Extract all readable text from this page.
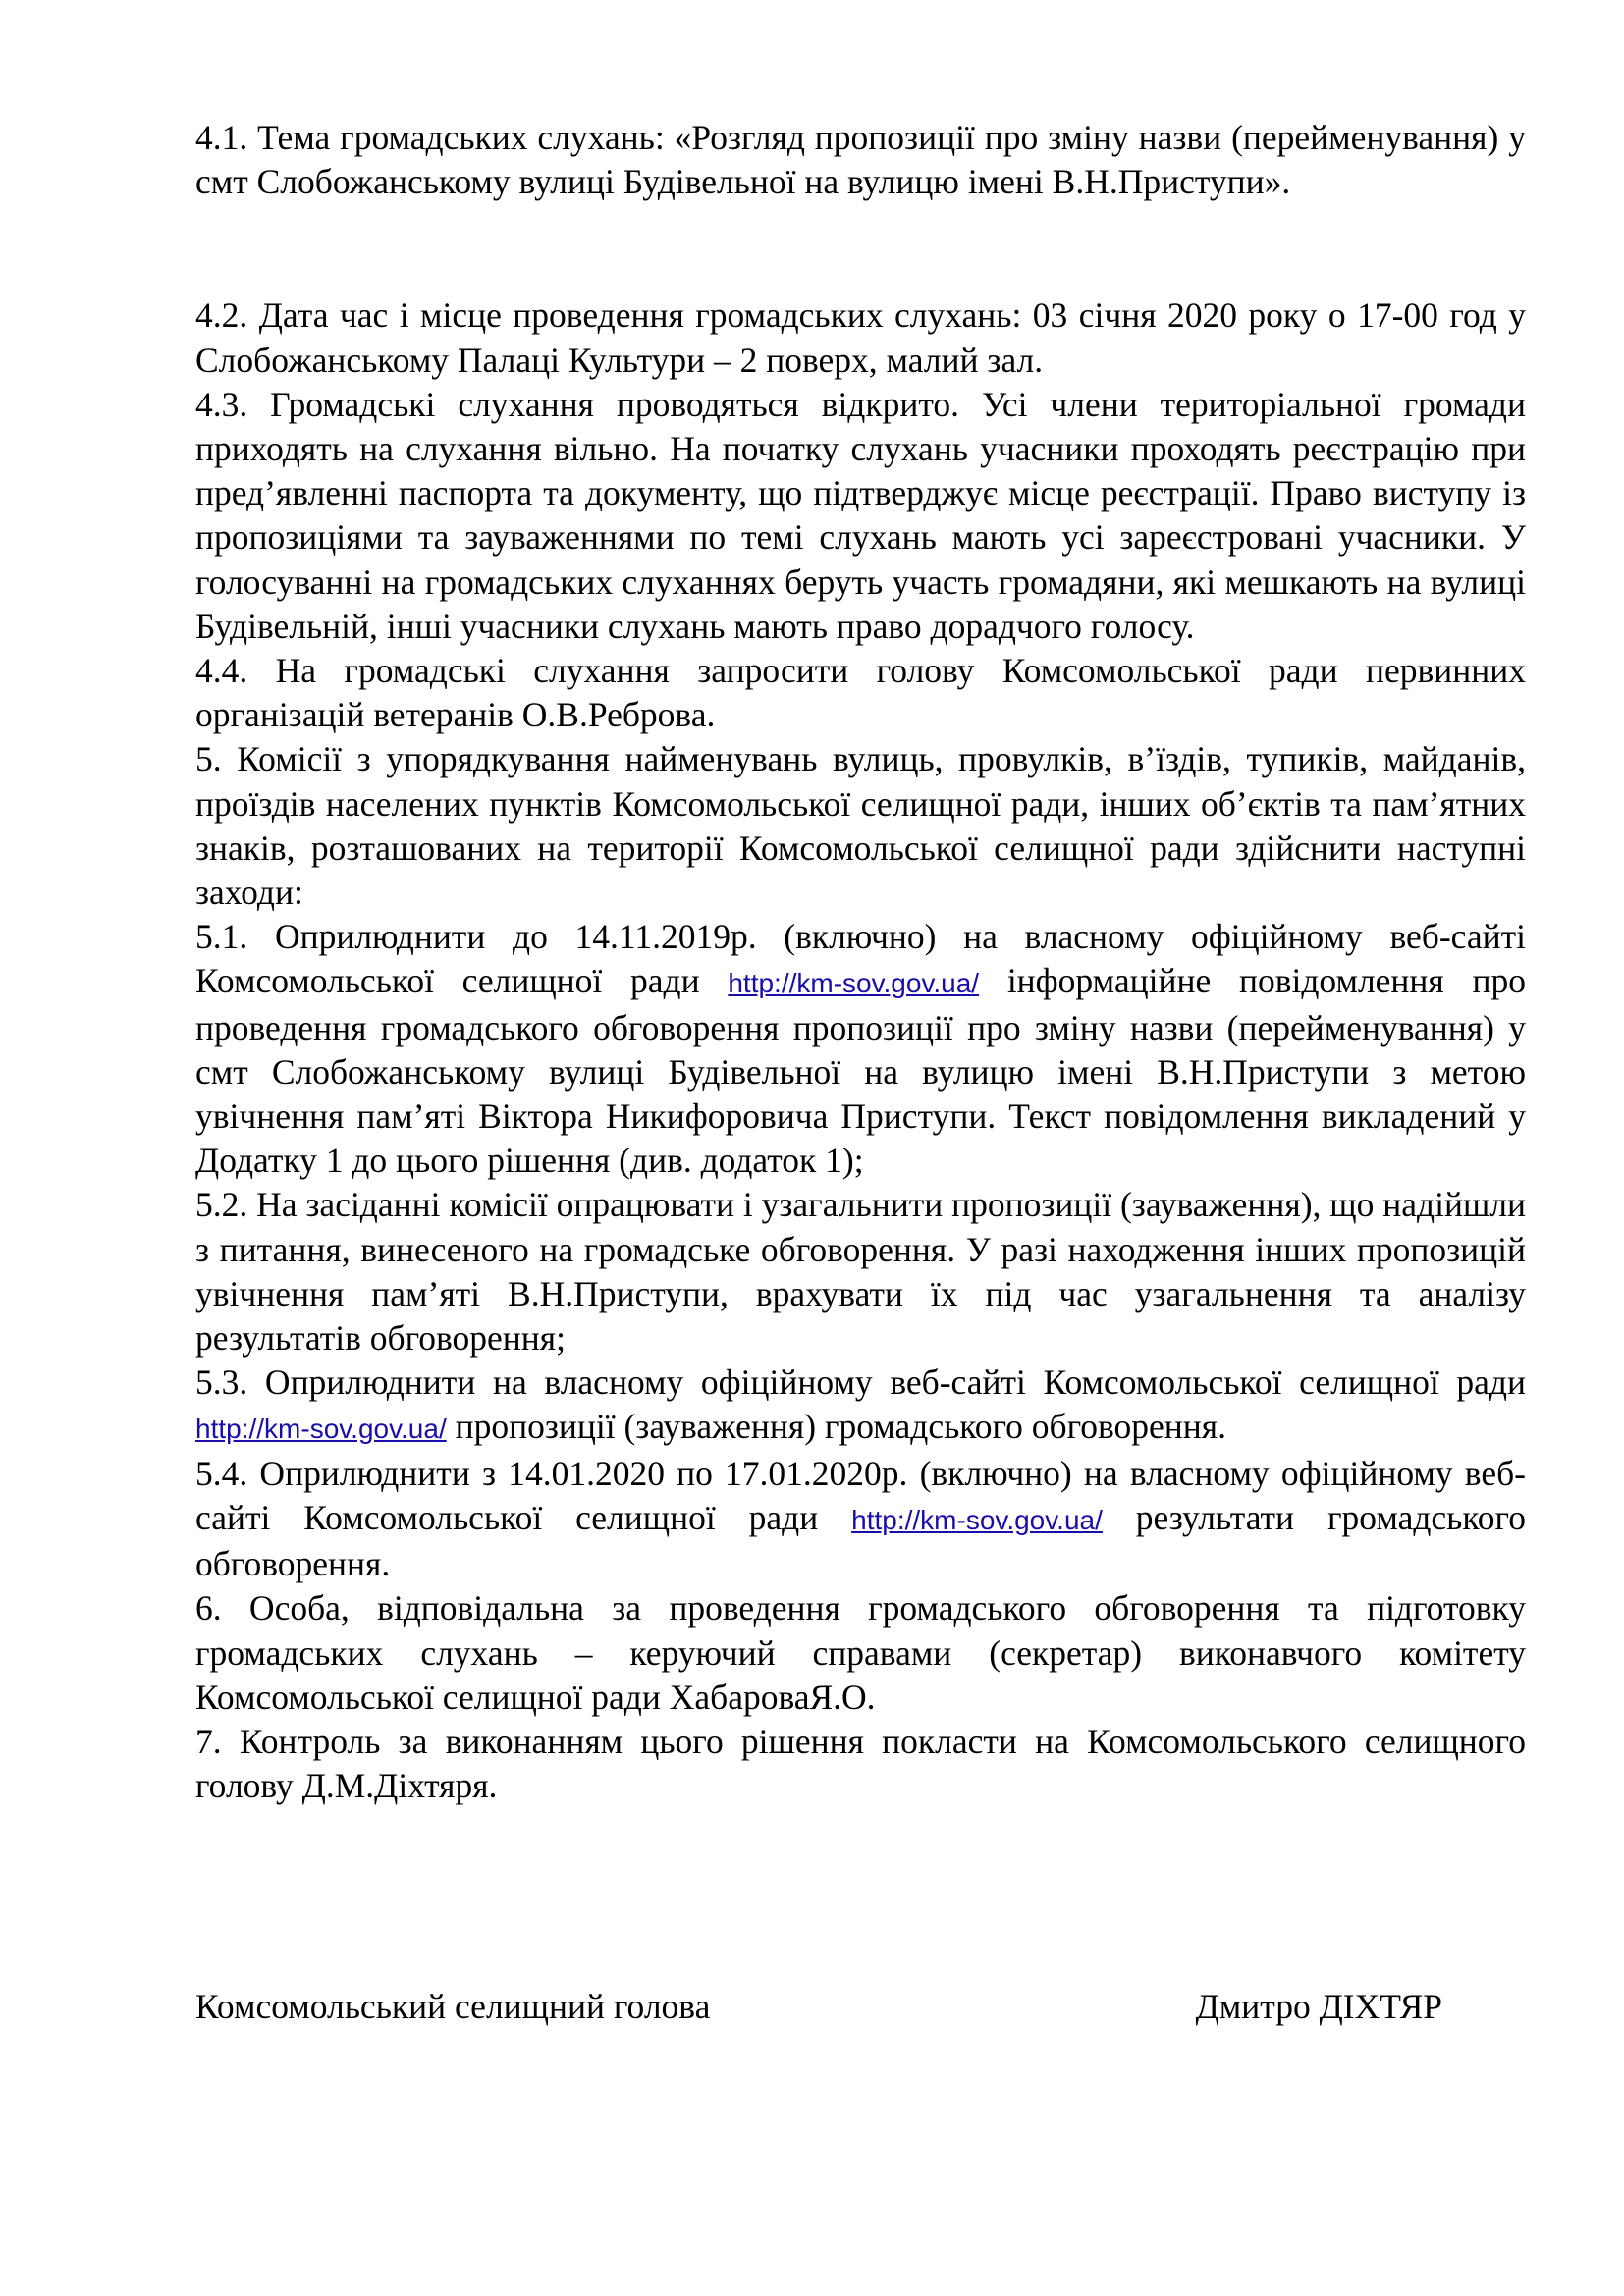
4.1. Тема громадських слухань: «Розгляд пропозиції про зміну назви (перейменування) у смт Слобожанському вулиці Будівельної на вулицю імені В.Н.Приступи».

4.2. Дата час і місце проведення громадських слухань: 03 січня 2020 року о 17-00 год у Слобожанському Палаці Культури – 2 поверх, малий зал.

4.3. Громадські слухання проводяться відкрито. Усі члени територіальної громади приходять на слухання вільно. На початку слухань учасники проходять реєстрацію при пред’явленні паспорта та документу, що підтверджує місце реєстрації. Право виступу із пропозиціями та зауваженнями по темі слухань мають усі зареєстровані учасники. У голосуванні на громадських слуханнях беруть участь громадяни, які мешкають на вулиці Будівельній, інші учасники слухань мають право дорадчого голосу.

4.4. На громадські слухання запросити голову Комсомольської ради первинних організацій ветеранів О.В.Реброва.

5. Комісії з упорядкування найменувань вулиць, провулків, в’їздів, тупиків, майданів, проїздів населених пунктів Комсомольської селищної ради, інших об’єктів та пам’ятних знаків, розташованих на території Комсомольської селищної ради здійснити наступні заходи:

5.1. Оприлюднити до 14.11.2019р. (включно) на власному офіційному веб-сайті Комсомольської селищної ради http://km-sov.gov.ua/ інформаційне повідомлення про проведення громадського обговорення пропозиції про зміну назви (перейменування) у смт Слобожанському вулиці Будівельної на вулицю імені В.Н.Приступи з метою увічнення пам’яті Віктора Никифоровича Приступи. Текст повідомлення викладений у Додатку 1 до цього рішення (див. додаток 1);

5.2. На засіданні комісії опрацювати і узагальнити пропозиції (зауваження), що надійшли з питання, винесеного на громадське обговорення. У разі находження інших пропозицій увічнення пам’яті В.Н.Приступи, врахувати їх під час узагальнення та аналізу результатів обговорення;

5.3. Оприлюднити на власному офіційному веб-сайті Комсомольської селищної ради http://km-sov.gov.ua/ пропозиції (зауваження) громадського обговорення.

5.4. Оприлюднити з 14.01.2020 по 17.01.2020р. (включно) на власному офіційному веб-сайті Комсомольської селищної ради http://km-sov.gov.ua/ результати громадського обговорення.

6. Особа, відповідальна за проведення громадського обговорення та підготовку громадських слухань – керуючий справами (секретар) виконавчого комітету Комсомольської селищної ради ХабароваЯ.О.

7. Контроль за виконанням цього рішення покласти на Комсомольського селищного голову Д.М.Діхтяря.

Комсомольський селищний голова	Дмитро ДІХТЯР
